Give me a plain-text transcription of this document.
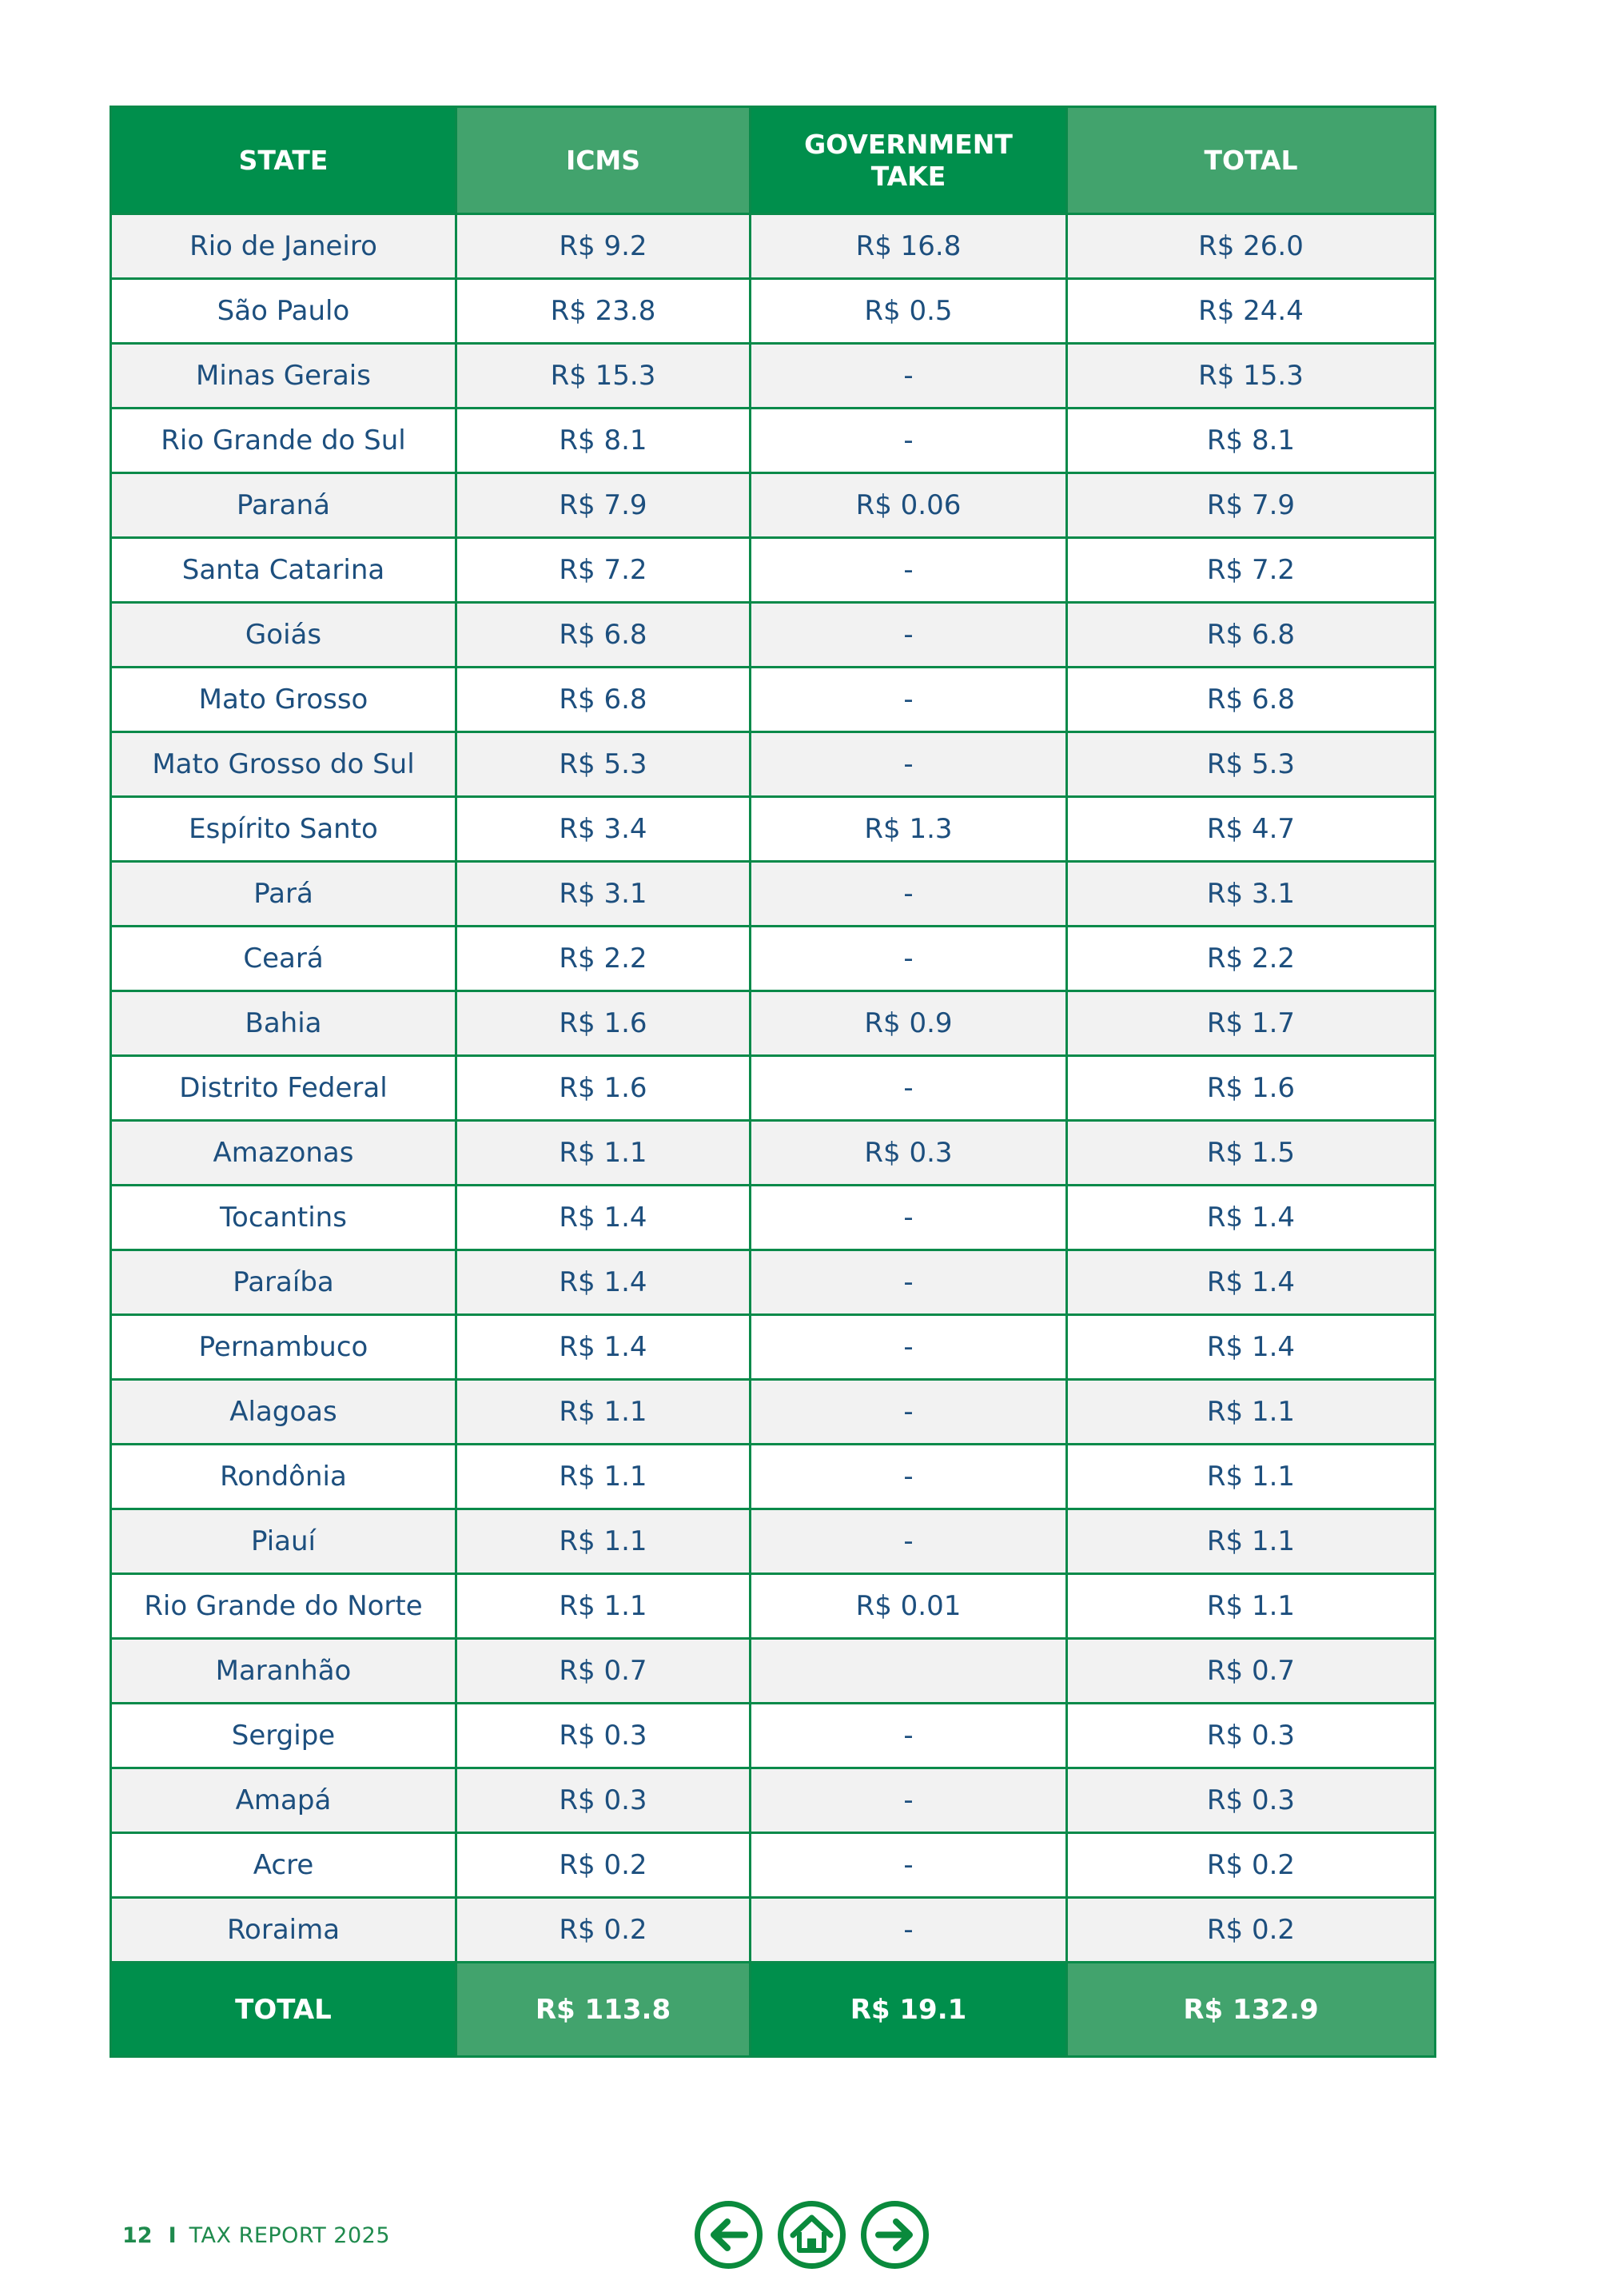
STATE	ICMS	GOVERNMENT TAKE	TOTAL
Rio de Janeiro	R$ 9.2	R$ 16.8	R$ 26.0
São Paulo	R$ 23.8	R$ 0.5	R$ 24.4
Minas Gerais	R$ 15.3	-	R$ 15.3
Rio Grande do Sul	R$ 8.1	-	R$ 8.1
Paraná	R$ 7.9	R$ 0.06	R$ 7.9
Santa Catarina	R$ 7.2	-	R$ 7.2
Goiás	R$ 6.8	-	R$ 6.8
Mato Grosso	R$ 6.8	-	R$ 6.8
Mato Grosso do Sul	R$ 5.3	-	R$ 5.3
Espírito Santo	R$ 3.4	R$ 1.3	R$ 4.7
Pará	R$ 3.1	-	R$ 3.1
Ceará	R$ 2.2	-	R$ 2.2
Bahia	R$ 1.6	R$ 0.9	R$ 1.7
Distrito Federal	R$ 1.6	-	R$ 1.6
Amazonas	R$ 1.1	R$ 0.3	R$ 1.5
Tocantins	R$ 1.4	-	R$ 1.4
Paraíba	R$ 1.4	-	R$ 1.4
Pernambuco	R$ 1.4	-	R$ 1.4
Alagoas	R$ 1.1	-	R$ 1.1
Rondônia	R$ 1.1	-	R$ 1.1
Piauí	R$ 1.1	-	R$ 1.1
Rio Grande do Norte	R$ 1.1	R$ 0.01	R$ 1.1
Maranhão	R$ 0.7		R$ 0.7
Sergipe	R$ 0.3	-	R$ 0.3
Amapá	R$ 0.3	-	R$ 0.3
Acre	R$ 0.2	-	R$ 0.2
Roraima	R$ 0.2	-	R$ 0.2
TOTAL	R$ 113.8	R$ 19.1	R$ 132.9
12 I TAX REPORT 2025
